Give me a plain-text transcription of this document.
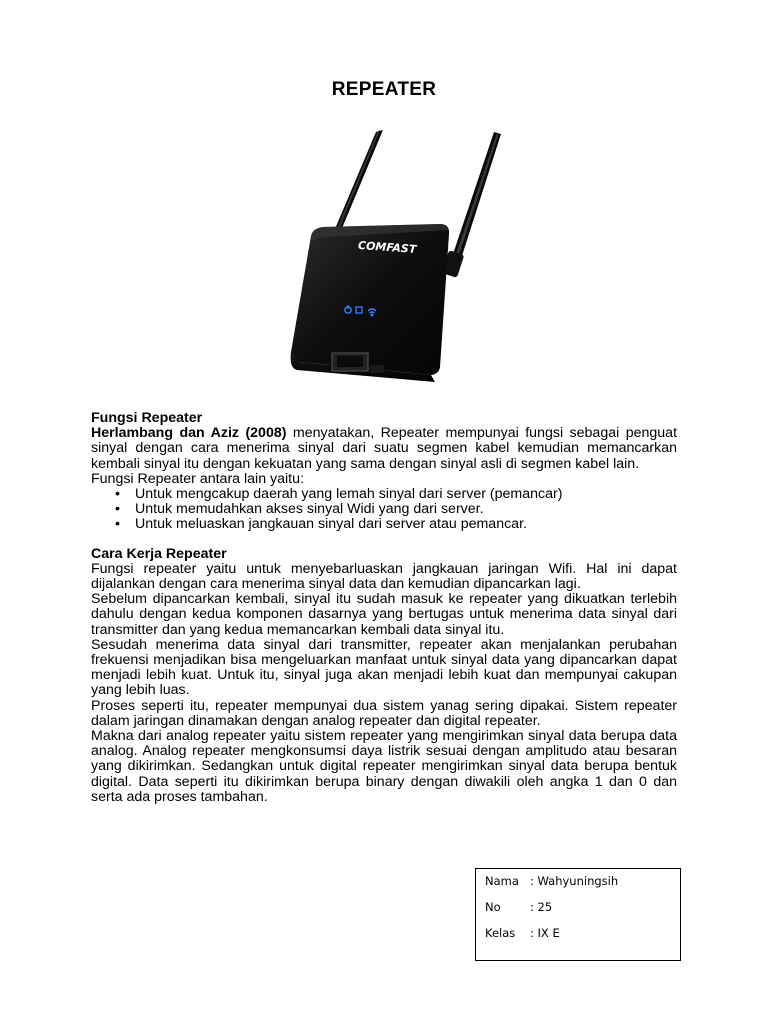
REPEATER
COMFAST
Fungsi Repeater

Herlambang dan Aziz (2008) menyatakan, Repeater mempunyai fungsi sebagai penguat sinyal dengan cara menerima sinyal dari suatu segmen kabel kemudian memancarkan kembali sinyal itu dengan kekuatan yang sama dengan sinyal asli di segmen kabel lain.

Fungsi Repeater antara lain yaitu:

• Untuk mengcakup daerah yang lemah sinyal dari server (pemancar)
• Untuk memudahkan akses sinyal Widi yang dari server.
• Untuk meluaskan jangkauan sinyal dari server atau pemancar.
Cara Kerja Repeater

Fungsi repeater yaitu untuk menyebarluaskan jangkauan jaringan Wifi. Hal ini dapat dijalankan dengan cara menerima sinyal data dan kemudian dipancarkan lagi.

Sebelum dipancarkan kembali, sinyal itu sudah masuk ke repeater yang dikuatkan terlebih dahulu dengan kedua komponen dasarnya yang bertugas untuk menerima data sinyal dari transmitter dan yang kedua memancarkan kembali data sinyal itu.

Sesudah menerima data sinyal dari transmitter, repeater akan menjalankan perubahan frekuensi menjadikan bisa mengeluarkan manfaat untuk sinyal data yang dipancarkan dapat menjadi lebih kuat. Untuk itu, sinyal juga akan menjadi lebih kuat dan mempunyai cakupan yang lebih luas.

Proses seperti itu, repeater mempunyai dua sistem yanag sering dipakai. Sistem repeater dalam jaringan dinamakan dengan analog repeater dan digital repeater.

Makna dari analog repeater yaitu sistem repeater yang mengirimkan sinyal data berupa data analog. Analog repeater mengkonsumsi daya listrik sesuai dengan amplitudo atau besaran yang dikirimkan. Sedangkan untuk digital repeater mengirimkan sinyal data berupa bentuk digital. Data seperti itu dikirimkan berupa binary dengan diwakili oleh angka 1 dan 0 dan serta ada proses tambahan.

Nama : Wahyuningsih
No	: 25
Kelas : IX E
